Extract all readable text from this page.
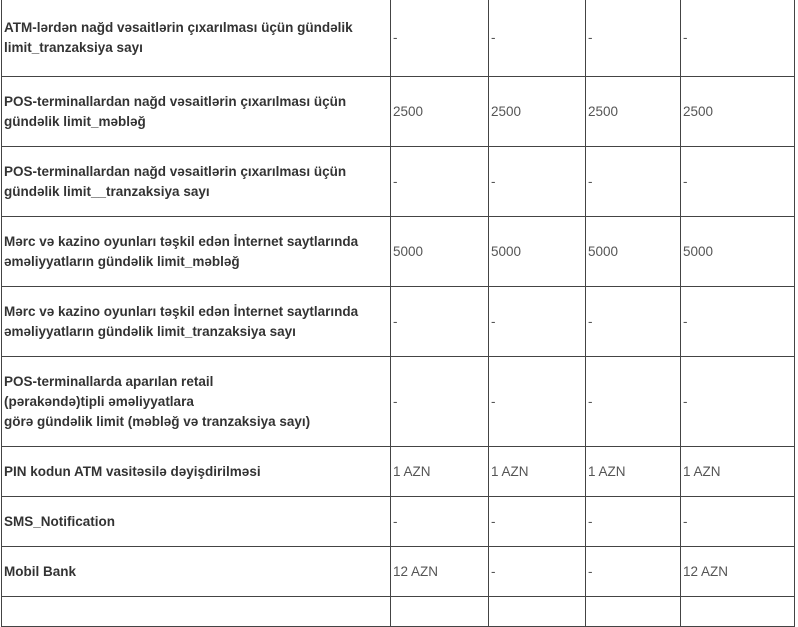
ATM-lərdən nağd vəsaitlərin çıxarılması üçün gündəlik limit_tranzaksiya sayı	-	-	-	-
POS-terminallardan nağd vəsaitlərin çıxarılması üçün gündəlik limit_məbləğ	2500	2500	2500	2500
POS-terminallardan nağd vəsaitlərin çıxarılması üçün gündəlik limit__tranzaksiya sayı	-	-	-	-
Mərc və kazino oyunları təşkil edən İnternet saytlarında əməliyyatların gündəlik limit_məbləğ	5000	5000	5000	5000
Mərc və kazino oyunları təşkil edən İnternet saytlarında əməliyyatların gündəlik limit_tranzaksiya sayı	-	-	-	-
POS-terminallarda aparılan retail
(pərakəndə)tipli əməliyyatlara
görə gündəlik limit (məbləğ və tranzaksiya sayı)	-	-	-	-
PIN kodun ATM vasitəsilə dəyişdirilməsi	1 AZN	1 AZN	1 AZN	1 AZN
SMS_Notification	-	-	-	-
Mobil Bank	12 AZN	-	-	12 AZN
